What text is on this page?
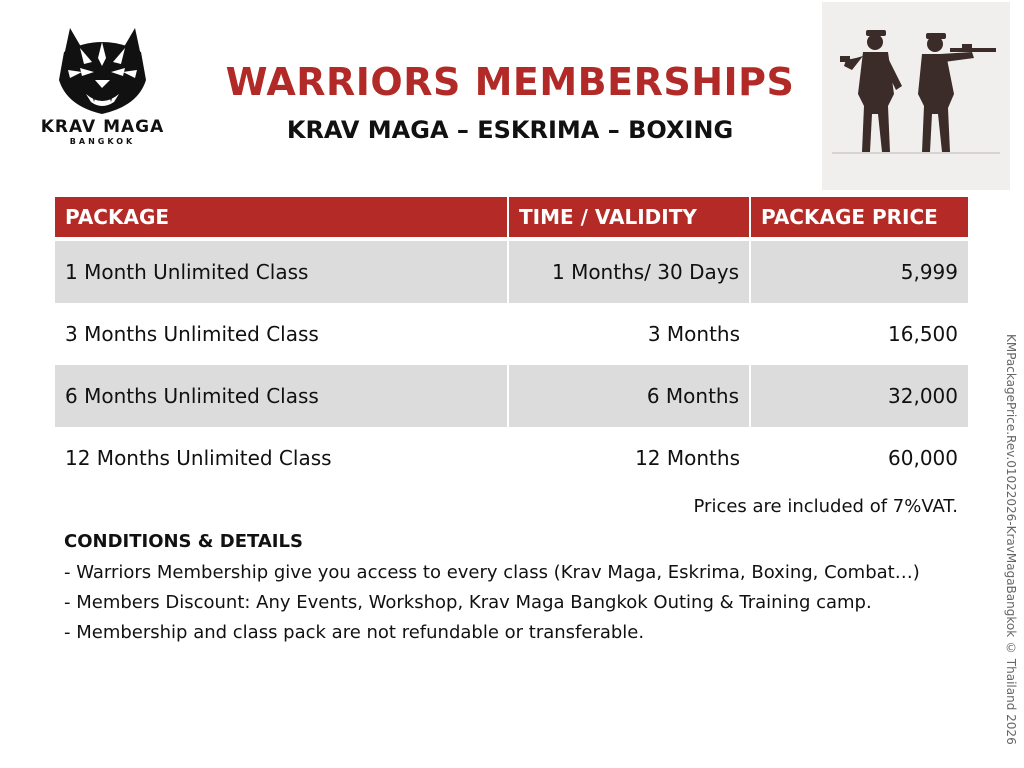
KRAV MAGA
BANGKOK
WARRIORS MEMBERSHIPS
KRAV MAGA – ESKRIMA – BOXING
PACKAGE	TIME / VALIDITY	PACKAGE PRICE
1 Month Unlimited Class	1 Months/ 30 Days	5,999
3 Months Unlimited Class	3 Months	16,500
6 Months Unlimited Class	6 Months	32,000
12 Months Unlimited Class	12 Months	60,000
Prices are included of 7%VAT.
CONDITIONS & DETAILS
- Warriors Membership give you access to every class (Krav Maga, Eskrima, Boxing, Combat…)
- Members Discount: Any Events, Workshop, Krav Maga Bangkok Outing & Training camp.
- Membership and class pack are not refundable or transferable.	KMPackagePrice.Rev.01022026-KravMagaBangkok © Thailand 2026
